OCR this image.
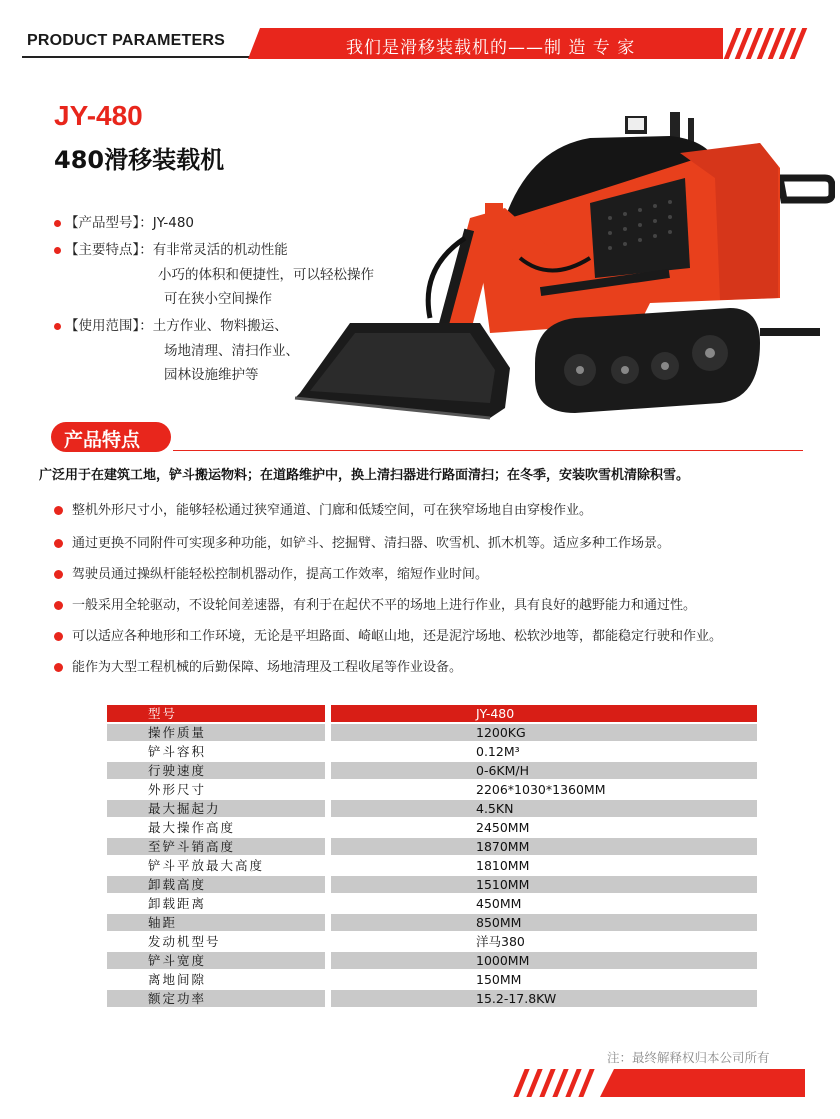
PRODUCT PARAMETERS	我们是滑移装载机的——制 造 专 家
JY-480
480滑移装载机
【产品型号】：JY-480
【主要特点】：有非常灵活的机动性能
小巧的体积和便捷性，可以轻松操作
可在狭小空间操作
【使用范围】：土方作业、物料搬运、
场地清理、清扫作业、
园林设施维护等
产品特点
广泛用于在建筑工地，铲斗搬运物料；在道路维护中，换上清扫器进行路面清扫；在冬季，安装吹雪机清除积雪。
整机外形尺寸小，能够轻松通过狭窄通道、门廊和低矮空间，可在狭窄场地自由穿梭作业。
通过更换不同附件可实现多种功能，如铲斗、挖掘臂、清扫器、吹雪机、抓木机等。适应多种工作场景。
驾驶员通过操纵杆能轻松控制机器动作，提高工作效率，缩短作业时间。
一般采用全轮驱动，不设轮间差速器，有利于在起伏不平的场地上进行作业，具有良好的越野能力和通过性。
可以适应各种地形和工作环境，无论是平坦路面、崎岖山地，还是泥泞场地、松软沙地等，都能稳定行驶和作业。
能作为大型工程机械的后勤保障、场地清理及工程收尾等作业设备。
型号	JY-480
操作质量	1200KG
铲斗容积	0.12M³
行驶速度	0-6KM/H
外形尺寸	2206*1030*1360MM
最大掘起力	4.5KN
最大操作高度	2450MM
至铲斗销高度	1870MM
铲斗平放最大高度	1810MM
卸载高度	1510MM
卸载距离	450MM
轴距	850MM
发动机型号	洋马380
铲斗宽度	1000MM
离地间隙	150MM
额定功率	15.2-17.8KW
注：最终解释权归本公司所有
